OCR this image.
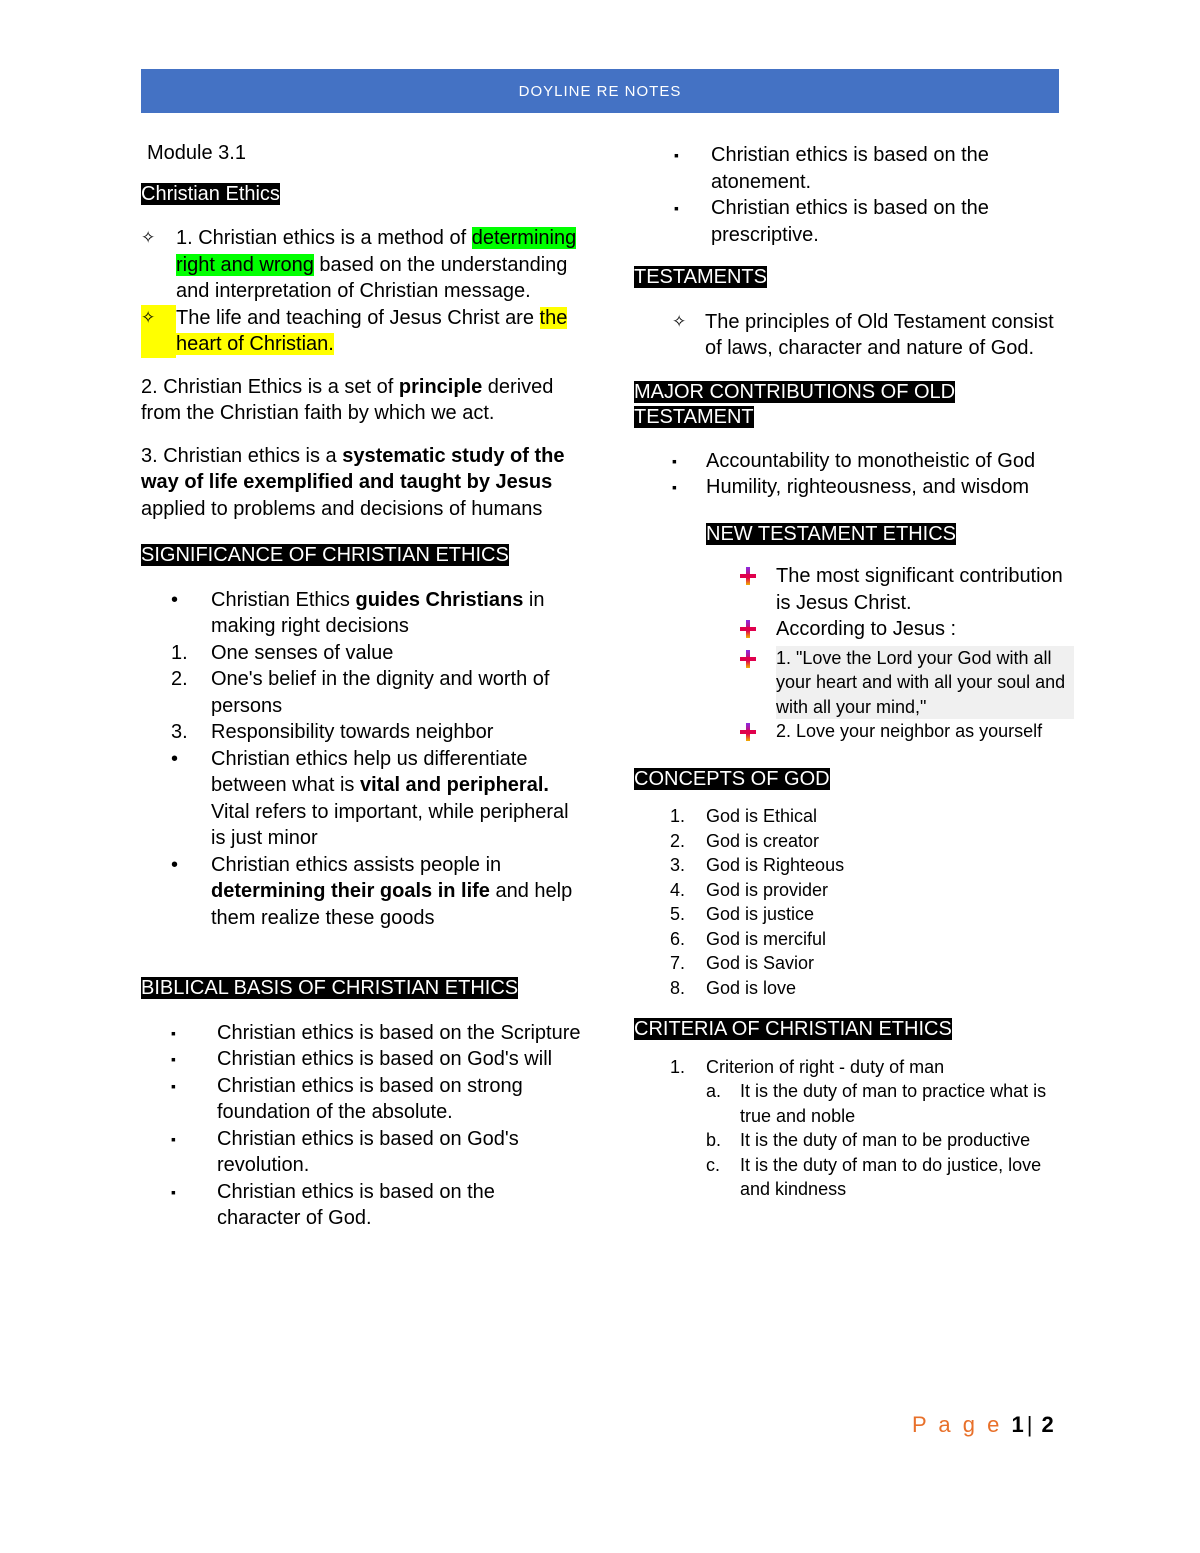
DOYLINE RE NOTES
Module 3.1
Christian Ethics
✧	1. Christian ethics is a method of determining right and wrong based on the understanding and interpretation of Christian message.
✧	The life and teaching of Jesus Christ are the heart of Christian.
2. Christian Ethics is a set of principle derived from the Christian faith by which we act.
3. Christian ethics is a systematic study of the way of life exemplified and taught by Jesus applied to problems and decisions of humans
SIGNIFICANCE OF CHRISTIAN ETHICS
•	Christian Ethics guides Christians in making right decisions
1.	One senses of value
2.	One's belief in the dignity and worth of persons
3.	Responsibility towards neighbor
•	Christian ethics help us differentiate between what is vital and peripheral. Vital refers to important, while peripheral is just minor
•	Christian ethics assists people in determining their goals in life and help them realize these goods
BIBLICAL BASIS OF CHRISTIAN ETHICS
▪	Christian ethics is based on the Scripture
▪	Christian ethics is based on God's will
▪	Christian ethics is based on strong foundation of the absolute.
▪	Christian ethics is based on God's revolution.
▪	Christian ethics is based on the character of God.
▪	Christian ethics is based on the atonement.
▪	Christian ethics is based on the prescriptive.
TESTAMENTS
✧ The principles of Old Testament consist of laws, character and nature of God.
MAJOR CONTRIBUTIONS OF OLD
TESTAMENT
▪	Accountability to monotheistic of God
▪	Humility, righteousness, and wisdom
NEW TESTAMENT ETHICS
The most significant contribution is Jesus Christ.
According to Jesus :
1. "Love the Lord your God with all your heart and with all your soul and with all your mind,"
2. Love your neighbor as yourself
CONCEPTS OF GOD
1.	God is Ethical
2.	God is creator
3.	God is Righteous
4.	God is provider
5.	God is justice
6.	God is merciful
7.	God is Savior
8.	God is love
CRITERIA OF CHRISTIAN ETHICS
1.	Criterion of right - duty of man
a.	It is the duty of man to practice what is true and noble
b.	It is the duty of man to be productive
c.	It is the duty of man to do justice, love and kindness
P a g e 1| 2
